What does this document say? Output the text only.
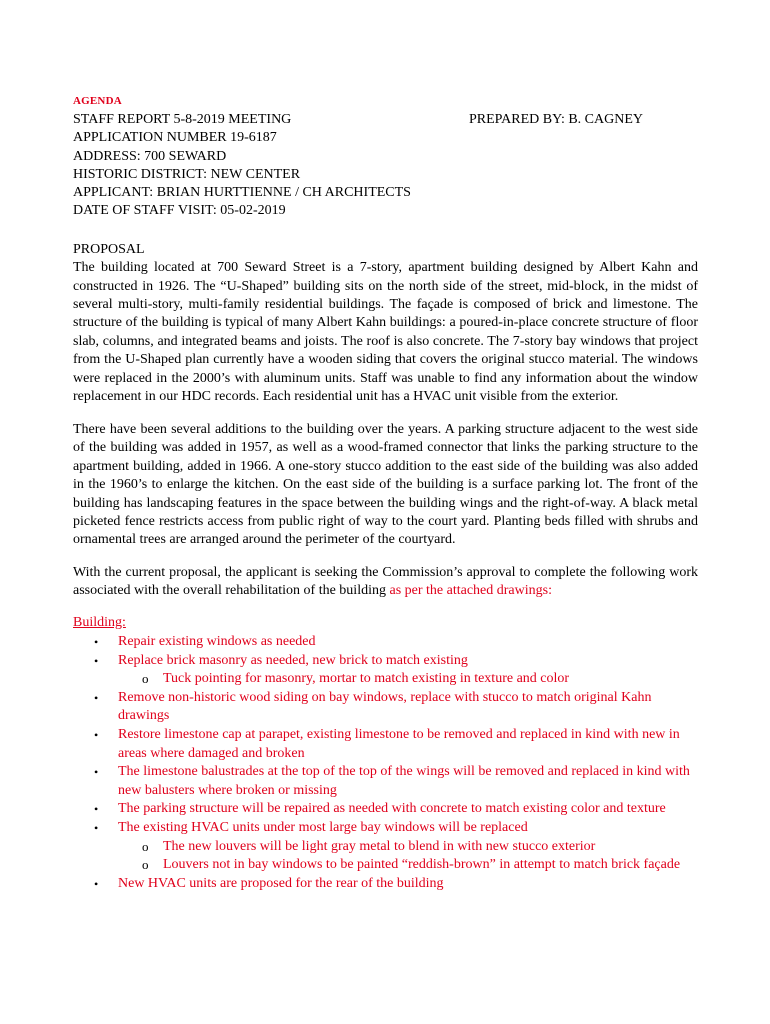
AGENDA
STAFF REPORT 5-8-2019 MEETING	PREPARED BY: B. CAGNEY
APPLICATION NUMBER 19-6187
ADDRESS: 700 SEWARD
HISTORIC DISTRICT: NEW CENTER
APPLICANT: BRIAN HURTTIENNE / CH ARCHITECTS
DATE OF STAFF VISIT: 05-02-2019
PROPOSAL

The building located at 700 Seward Street is a 7-story, apartment building designed by Albert Kahn and constructed in 1926. The “U-Shaped” building sits on the north side of the street, mid-block, in the midst of several multi-story, multi-family residential buildings. The façade is composed of brick and limestone. The structure of the building is typical of many Albert Kahn buildings: a poured-in-place concrete structure of floor slab, columns, and integrated beams and joists. The roof is also concrete. The 7-story bay windows that project from the U-Shaped plan currently have a wooden siding that covers the original stucco material. The windows were replaced in the 2000’s with aluminum units. Staff was unable to find any information about the window replacement in our HDC records. Each residential unit has a HVAC unit visible from the exterior.

There have been several additions to the building over the years. A parking structure adjacent to the west side of the building was added in 1957, as well as a wood-framed connector that links the parking structure to the apartment building, added in 1966. A one-story stucco addition to the east side of the building was also added in the 1960’s to enlarge the kitchen. On the east side of the building is a surface parking lot. The front of the building has landscaping features in the space between the building wings and the right-of-way. A black metal picketed fence restricts access from public right of way to the court yard. Planting beds filled with shrubs and ornamental trees are arranged around the perimeter of the courtyard.

With the current proposal, the applicant is seeking the Commission’s approval to complete the following work associated with the overall rehabilitation of the building as per the attached drawings:

Building:
• Repair existing windows as needed
• Replace brick masonry as needed, new brick to match existing
o Tuck pointing for masonry, mortar to match existing in texture and color
• Remove non-historic wood siding on bay windows, replace with stucco to match original Kahn drawings
• Restore limestone cap at parapet, existing limestone to be removed and replaced in kind with new in areas where damaged and broken
• The limestone balustrades at the top of the top of the wings will be removed and replaced in kind with new balusters where broken or missing
• The parking structure will be repaired as needed with concrete to match existing color and texture
• The existing HVAC units under most large bay windows will be replaced
o The new louvers will be light gray metal to blend in with new stucco exterior
o Louvers not in bay windows to be painted “reddish-brown” in attempt to match brick façade
• New HVAC units are proposed for the rear of the building
